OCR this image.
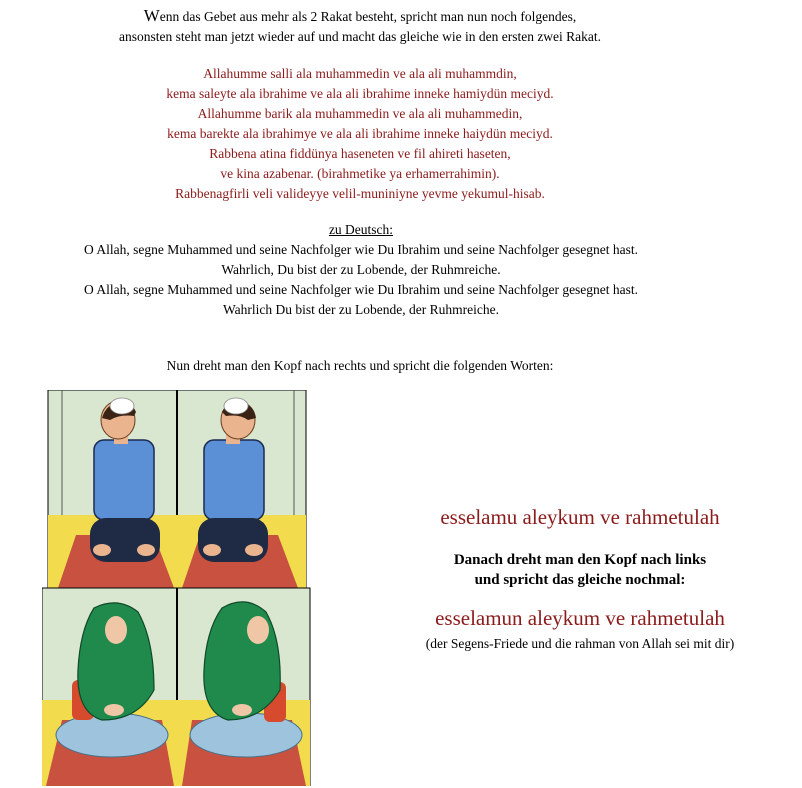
Wenn das Gebet aus mehr als 2 Rakat besteht, spricht man nun noch folgendes,
ansonsten steht man jetzt wieder auf und macht das gleiche wie in den ersten zwei Rakat.
Allahumme salli ala muhammedin ve ala ali muhammdin,
kema saleyte ala ibrahime ve ala ali ibrahime inneke hamiydün meciyd.
Allahumme barik ala muhammedin ve ala ali muhammedin,
kema barekte ala ibrahimye ve ala ali ibrahime inneke haiydün meciyd.
Rabbena atina fiddünya haseneten ve fil ahireti haseten,
ve kina azabenar. (birahmetike ya erhamerrahimin).
Rabbenagfirli veli valideyye velil-muniniyne yevme yekumul-hisab.
zu Deutsch:
O Allah, segne Muhammed und seine Nachfolger wie Du Ibrahim und seine Nachfolger gesegnet hast.
Wahrlich, Du bist der zu Lobende, der Ruhmreiche.
O Allah, segne Muhammed und seine Nachfolger wie Du Ibrahim und seine Nachfolger gesegnet hast.
Wahrlich Du bist der zu Lobende, der Ruhmreiche.
Nun dreht man den Kopf nach rechts und spricht die folgenden Worten:
esselamu aleykum ve rahmetulah
Danach dreht man den Kopf nach links
und spricht das gleiche nochmal:
esselamun aleykum ve rahmetulah
(der Segens-Friede und die rahman von Allah sei mit dir)
